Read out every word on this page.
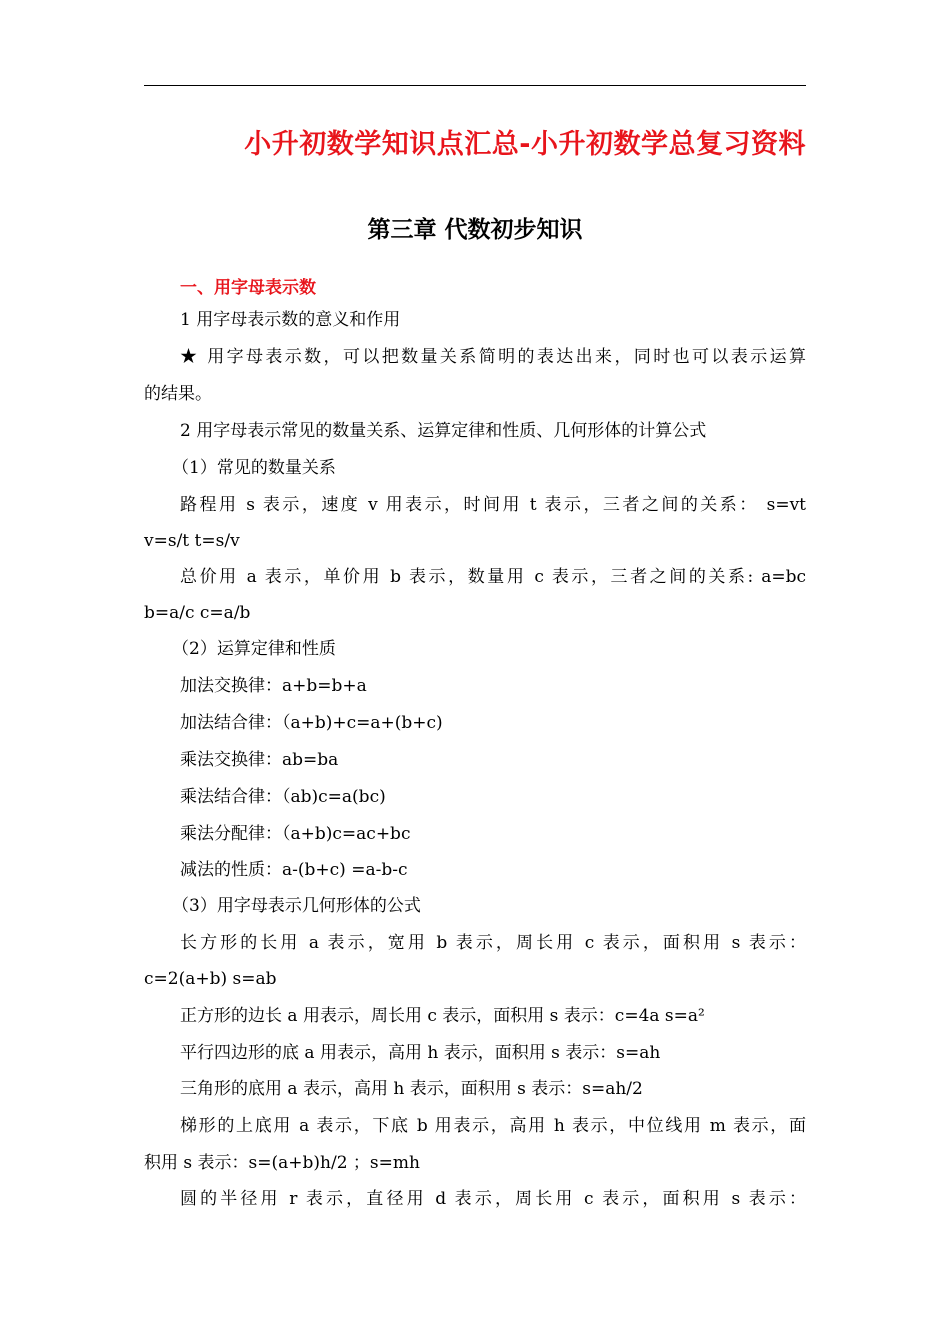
小升初数学知识点汇总-小升初数学总复习资料
第三章 代数初步知识
一、用字母表示数
1 用字母表示数的意义和作用
★ 用字母表示数，可以把数量关系简明的表达出来，同时也可以表示运算
的结果。
2 用字母表示常见的数量关系、运算定律和性质、几何形体的计算公式
（1）常见的数量关系
路程用 s 表示，速度 v 用表示，时间用 t 表示，三者之间的关系： s=vt
v=s/t t=s/v
总价用 a 表示，单价用 b 表示，数量用 c 表示，三者之间的关系: a=bc
b=a/c c=a/b
（2）运算定律和性质
加法交换律：a+b=b+a
加法结合律：（a+b)+c=a+(b+c)
乘法交换律：ab=ba
乘法结合律：（ab)c=a(bc)
乘法分配律：（a+b)c=ac+bc
减法的性质：a-(b+c) =a-b-c
（3）用字母表示几何形体的公式
长方形的长用 a 表示，宽用 b 表示，周长用 c 表示，面积用 s 表示：
c=2(a+b) s=ab
正方形的边长 a 用表示，周长用 c 表示，面积用 s 表示：c=4a s=a²
平行四边形的底 a 用表示，高用 h 表示，面积用 s 表示：s=ah
三角形的底用 a 表示，高用 h 表示，面积用 s 表示：s=ah/2
梯形的上底用 a 表示，下底 b 用表示，高用 h 表示，中位线用 m 表示，面
积用 s 表示：s=(a+b)h/2 ；s=mh
圆的半径用 r 表示，直径用 d 表示，周长用 c 表示，面积用 s 表示：
